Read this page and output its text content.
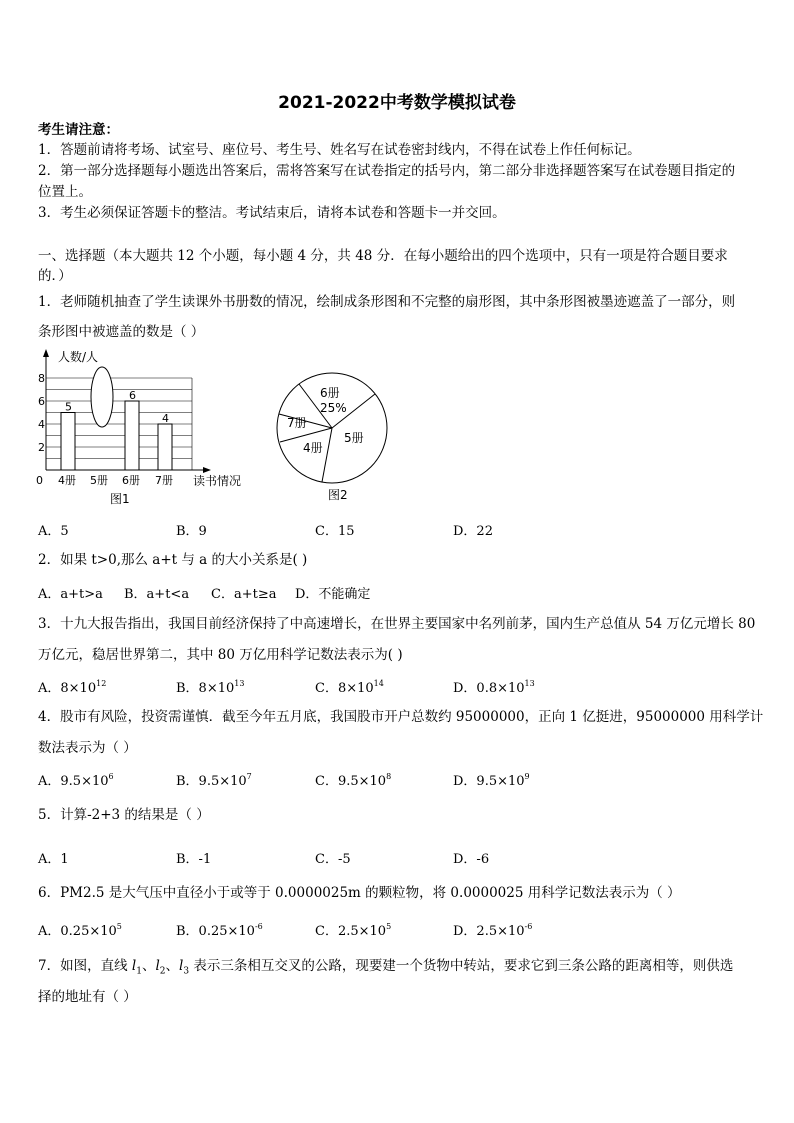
2021-2022中考数学模拟试卷
考生请注意：
1．答题前请将考场、试室号、座位号、考生号、姓名写在试卷密封线内，不得在试卷上作任何标记。
2．第一部分选择题每小题选出答案后，需将答案写在试卷指定的括号内，第二部分非选择题答案写在试卷题目指定的
位置上。
3．考生必须保证答题卡的整洁。考试结束后，请将本试卷和答题卡一并交回。
一、选择题（本大题共 12 个小题，每小题 4 分，共 48 分．在每小题给出的四个选项中，只有一项是符合题目要求
的．）
1．老师随机抽查了学生读课外书册数的情况，绘制成条形图和不完整的扇形图，其中条形图被墨迹遮盖了一部分，则
条形图中被遮盖的数是（ ）
人数/人
读书情况
0
2
4
6
8
5
4册 5册
6
6册
4
7册
图1
6册
25%
5册
4册
7册
图2
A．5	B．9	C．15	D．22
2．如果 t>0,那么 a+t 与 a 的大小关系是( )
A．a+t>a B．a+t<a C．a+t≥a D．不能确定
3．十九大报告指出，我国目前经济保持了中高速增长，在世界主要国家中名列前茅，国内生产总值从 54 万亿元增长 80
万亿元，稳居世界第二，其中 80 万亿用科学记数法表示为( )
A．$8\times 10^{12}$	B．$8\times 10^{13}$	C．$8\times 10^{14}$	D．$0.8\times 10^{13}$
4．股市有风险，投资需谨慎．截至今年五月底，我国股市开户总数约 95000000，正向 1 亿挺进，95000000 用科学计
数法表示为（ ）
A．$9.5\times 10^6$	B．$9.5\times 10^7$	C．$9.5\times 10^8$	D．$9.5\times 10^9$
5．计算-2+3 的结果是（ ）
A．1	B．-1	C．-5	D．-6
6．PM2.5 是大气压中直径小于或等于 0.0000025m 的颗粒物，将 0.0000025 用科学记数法表示为（ ）
A．$0.25\times 10^5$	B．$0.25\times 10^{-6}$	C．$2.5\times 10^5$	D．$2.5\times 10^{-6}$
7．如图，直线 $l_1$、$l_2$、$l_3$ 表示三条相互交叉的公路，现要建一个货物中转站，要求它到三条公路的距离相等，则供选
择的地址有（ ）
